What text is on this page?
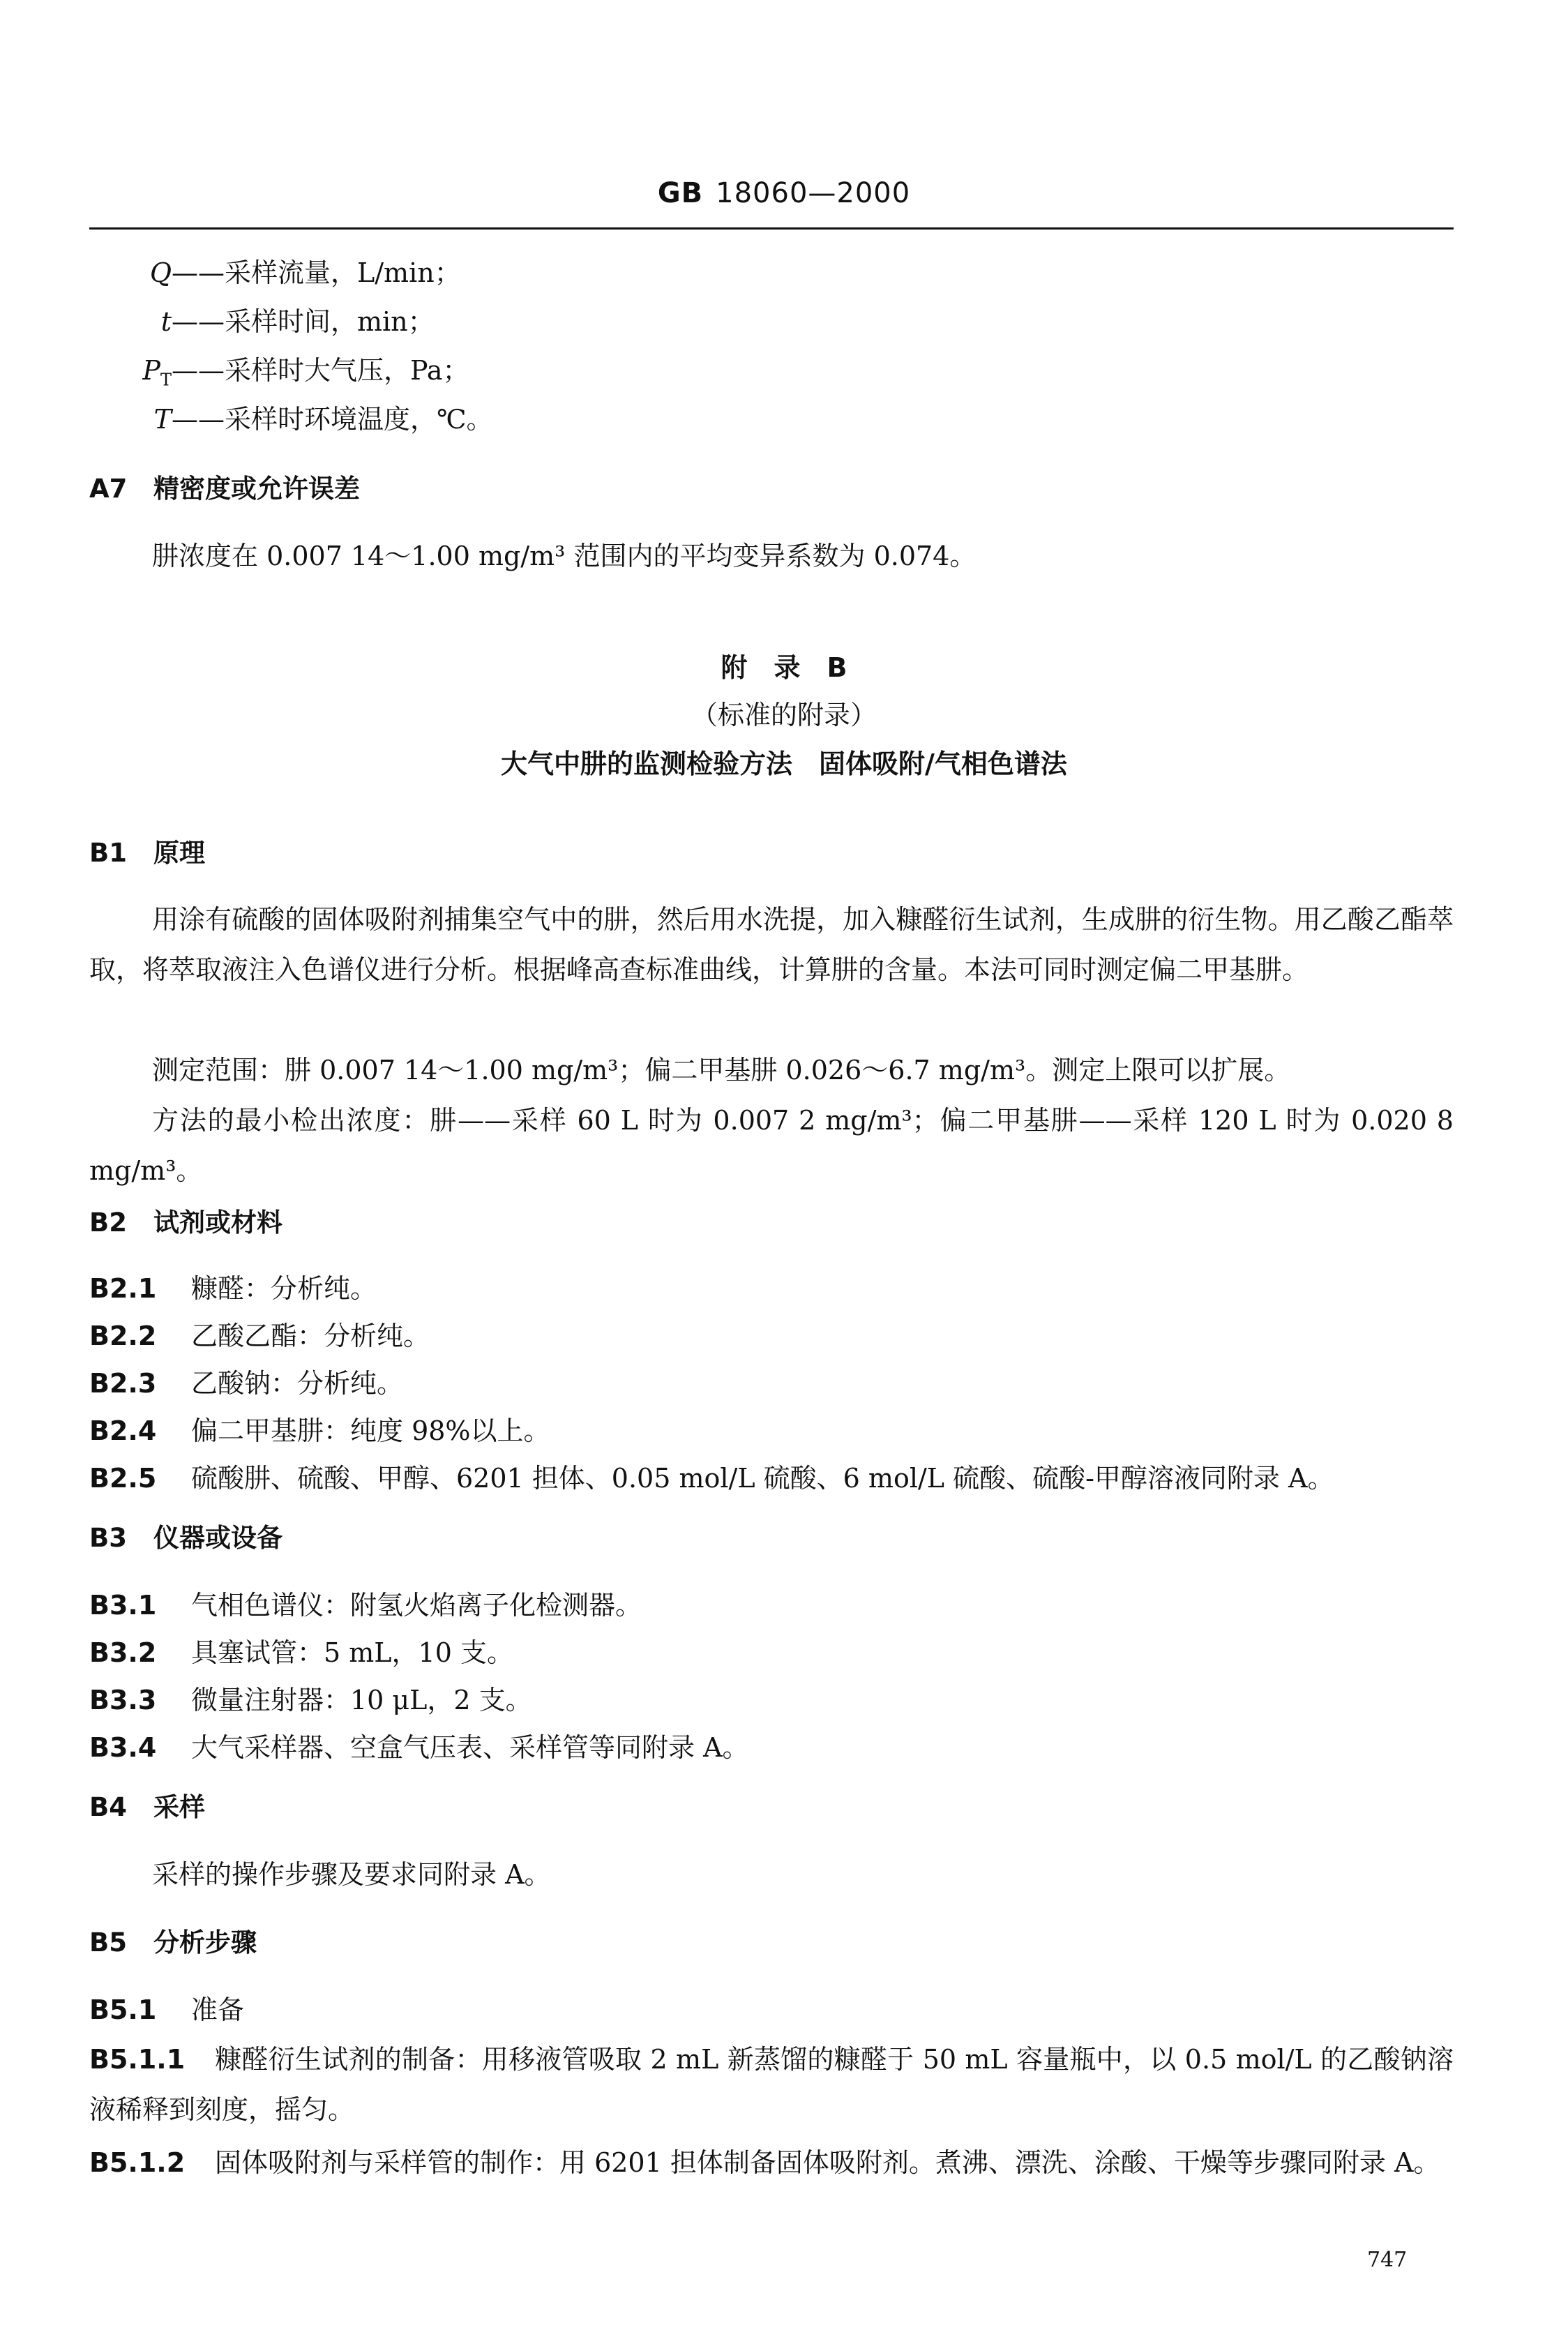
GB 18060—2000
Q——采样流量，L/min；
t——采样时间，min；
$P_T——$采样时大气压，Pa；
T——采样时环境温度，℃。
A7 精密度或允许误差
肼浓度在 0.007 14～1.00 mg/m³ 范围内的平均变异系数为 0.074。
附　录　B
（标准的附录）
大气中肼的监测检验方法　固体吸附/气相色谱法
B1 原理
用涂有硫酸的固体吸附剂捕集空气中的肼，然后用水洗提，加入糠醛衍生试剂，生成肼的衍生物。用乙酸乙酯萃取，将萃取液注入色谱仪进行分析。根据峰高查标准曲线，计算肼的含量。本法可同时测定偏二甲基肼。
测定范围：肼 0.007 14～1.00 mg/m³；偏二甲基肼 0.026～6.7 mg/m³。测定上限可以扩展。
方法的最小检出浓度：肼——采样 60 L 时为 0.007 2 mg/m³；偏二甲基肼——采样 120 L 时为 0.020 8 mg/m³。
B2 试剂或材料
B2.1 糠醛：分析纯。
B2.2 乙酸乙酯：分析纯。
B2.3 乙酸钠：分析纯。
B2.4 偏二甲基肼：纯度 98%以上。
B2.5 硫酸肼、硫酸、甲醇、6201 担体、0.05 mol/L 硫酸、6 mol/L 硫酸、硫酸-甲醇溶液同附录 A。
B3 仪器或设备
B3.1 气相色谱仪：附氢火焰离子化检测器。
B3.2 具塞试管：5 mL，10 支。
B3.3 微量注射器：10 μL，2 支。
B3.4 大气采样器、空盒气压表、采样管等同附录 A。
B4 采样
采样的操作步骤及要求同附录 A。
B5 分析步骤
B5.1 准备
B5.1.1 糠醛衍生试剂的制备：用移液管吸取 2 mL 新蒸馏的糠醛于 50 mL 容量瓶中，以 0.5 mol/L 的乙酸钠溶液稀释到刻度，摇匀。
B5.1.2 固体吸附剂与采样管的制作：用 6201 担体制备固体吸附剂。煮沸、漂洗、涂酸、干燥等步骤同附录 A。
747
